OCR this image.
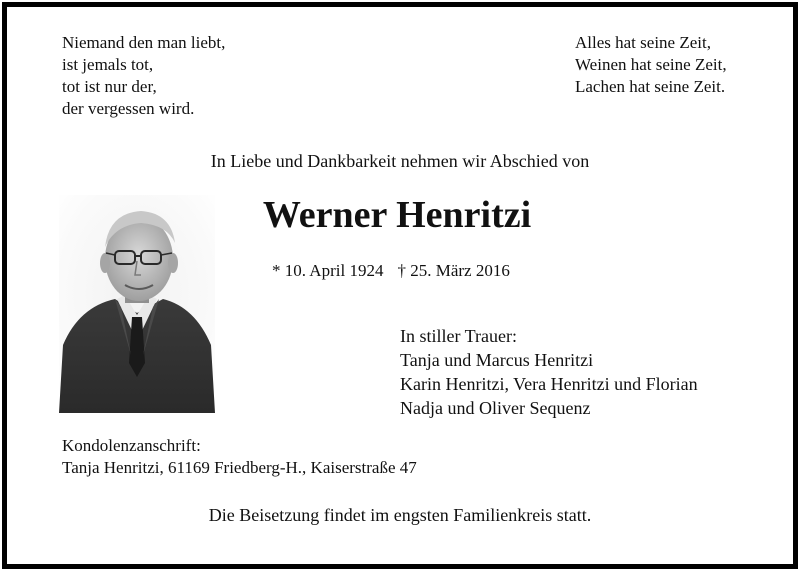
Niemand den man liebt,
ist jemals tot,
tot ist nur der,
der vergessen wird.
Alles hat seine Zeit,
Weinen hat seine Zeit,
Lachen hat seine Zeit.
In Liebe und Dankbarkeit nehmen wir Abschied von
Werner Henritzi
* 10. April 1924 † 25. März 2016
In stiller Trauer:
Tanja und Marcus Henritzi
Karin Henritzi, Vera Henritzi und Florian
Nadja und Oliver Sequenz
Kondolenzanschrift:
Tanja Henritzi, 61169 Friedberg-H., Kaiserstraße 47
Die Beisetzung findet im engsten Familienkreis statt.
